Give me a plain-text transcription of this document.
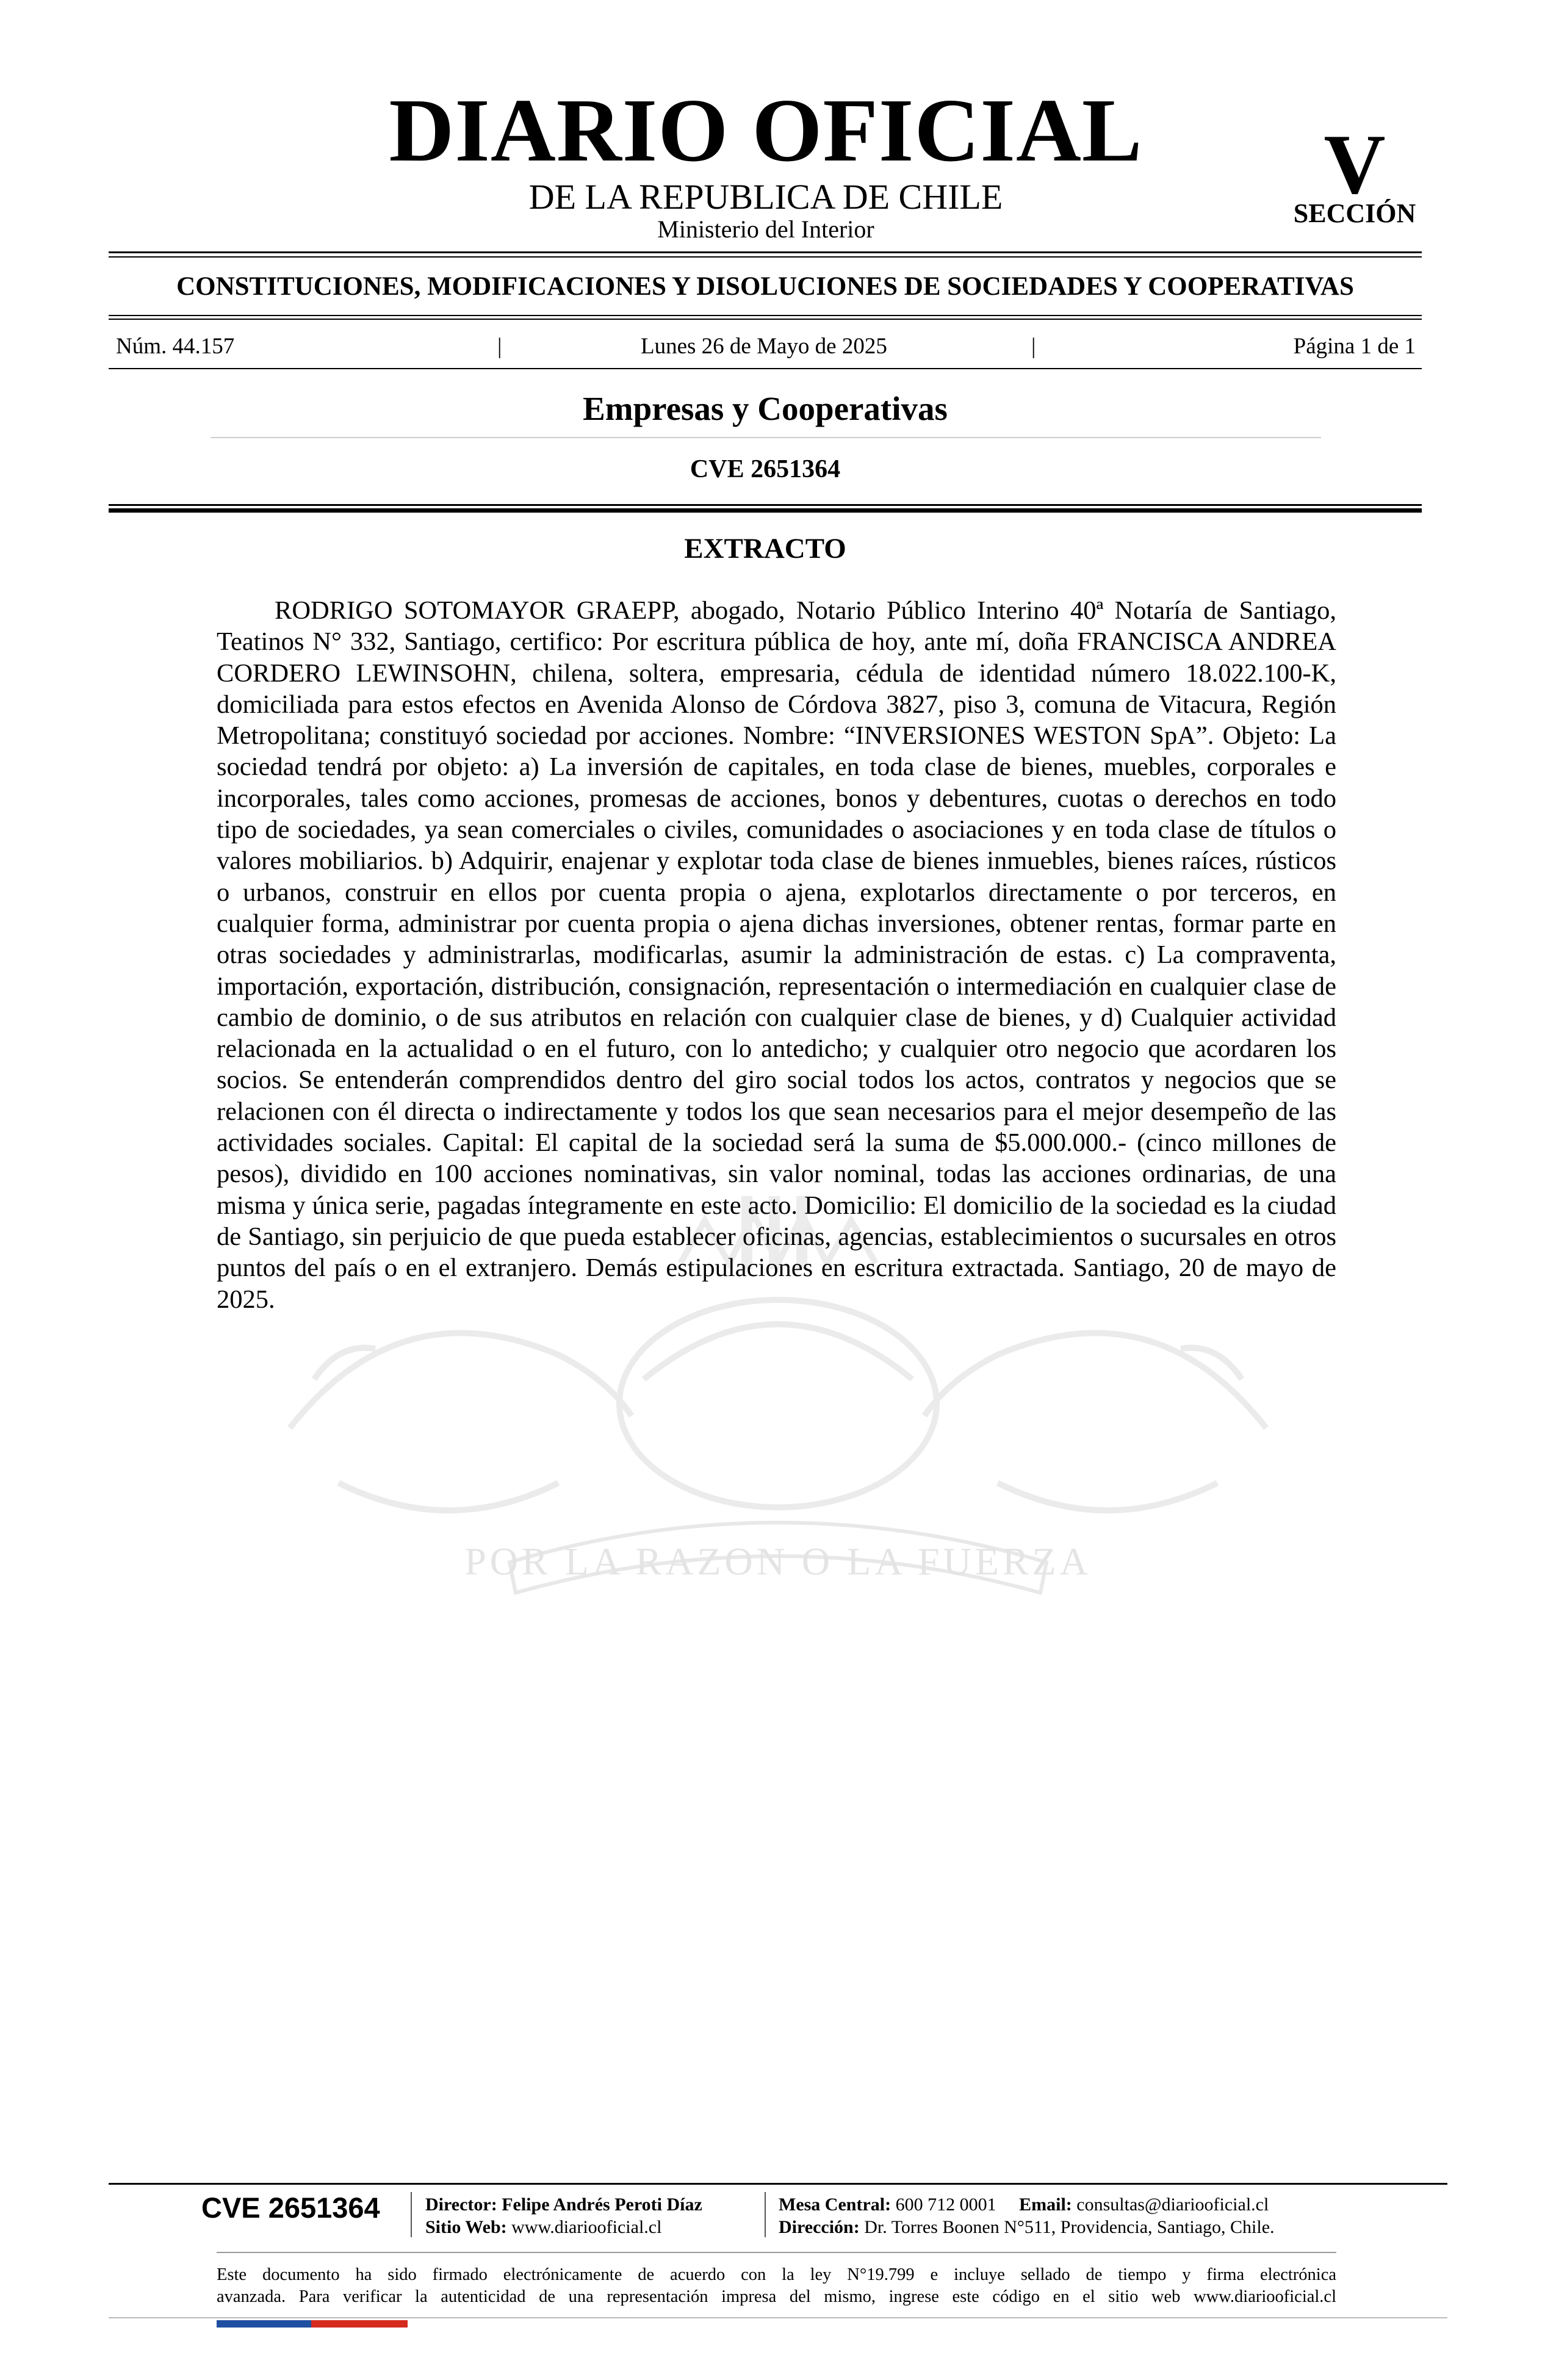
DIARIO OFICIAL
DE LA REPUBLICA DE CHILE
Ministerio del Interior
V
SECCIÓN
CONSTITUCIONES, MODIFICACIONES Y DISOLUCIONES DE SOCIEDADES Y COOPERATIVAS
Núm. 44.157	|	Lunes 26 de Mayo de 2025	|	Página 1 de 1
Empresas y Cooperativas
CVE 2651364
POR LA RAZON O LA FUERZA
EXTRACTO
RODRIGO SOTOMAYOR GRAEPP, abogado, Notario Público Interino 40ª Notaría de Santiago, Teatinos N° 332, Santiago, certifico: Por escritura pública de hoy, ante mí, doña FRANCISCA ANDREA CORDERO LEWINSOHN, chilena, soltera, empresaria, cédula de identidad número 18.022.100-K, domiciliada para estos efectos en Avenida Alonso de Córdova 3827, piso 3, comuna de Vitacura, Región Metropolitana; constituyó sociedad por acciones. Nombre: “INVERSIONES WESTON SpA”. Objeto: La sociedad tendrá por objeto: a) La inversión de capitales, en toda clase de bienes, muebles, corporales e incorporales, tales como acciones, promesas de acciones, bonos y debentures, cuotas o derechos en todo tipo de sociedades, ya sean comerciales o civiles, comunidades o asociaciones y en toda clase de títulos o valores mobiliarios. b) Adquirir, enajenar y explotar toda clase de bienes inmuebles, bienes raíces, rústicos o urbanos, construir en ellos por cuenta propia o ajena, explotarlos directamente o por terceros, en cualquier forma, administrar por cuenta propia o ajena dichas inversiones, obtener rentas, formar parte en otras sociedades y administrarlas, modificarlas, asumir la administración de estas. c) La compraventa, importación, exportación, distribución, consignación, representación o intermediación en cualquier clase de cambio de dominio, o de sus atributos en relación con cualquier clase de bienes, y d) Cualquier actividad relacionada en la actualidad o en el futuro, con lo antedicho; y cualquier otro negocio que acordaren los socios. Se entenderán comprendidos dentro del giro social todos los actos, contratos y negocios que se relacionen con él directa o indirectamente y todos los que sean necesarios para el mejor desempeño de las actividades sociales. Capital: El capital de la sociedad será la suma de $5.000.000.- (cinco millones de pesos), dividido en 100 acciones nominativas, sin valor nominal, todas las acciones ordinarias, de una misma y única serie, pagadas íntegramente en este acto. Domicilio: El domicilio de la sociedad es la ciudad de Santiago, sin perjuicio de que pueda establecer oficinas, agencias, establecimientos o sucursales en otros puntos del país o en el extranjero. Demás estipulaciones en escritura extractada. Santiago, 20 de mayo de 2025.
CVE 2651364	Director: Felipe Andrés Peroti Díaz
Sitio Web: www.diariooficial.cl
Mesa Central: 600 712 0001 Email: consultas@diariooficial.cl
Dirección: Dr. Torres Boonen N°511, Providencia, Santiago, Chile.
Este documento ha sido firmado electrónicamente de acuerdo con la ley N°19.799 e incluye sellado de tiempo y firma electrónica
avanzada. Para verificar la autenticidad de una representación impresa del mismo, ingrese este código en el sitio web www.diariooficial.cl
